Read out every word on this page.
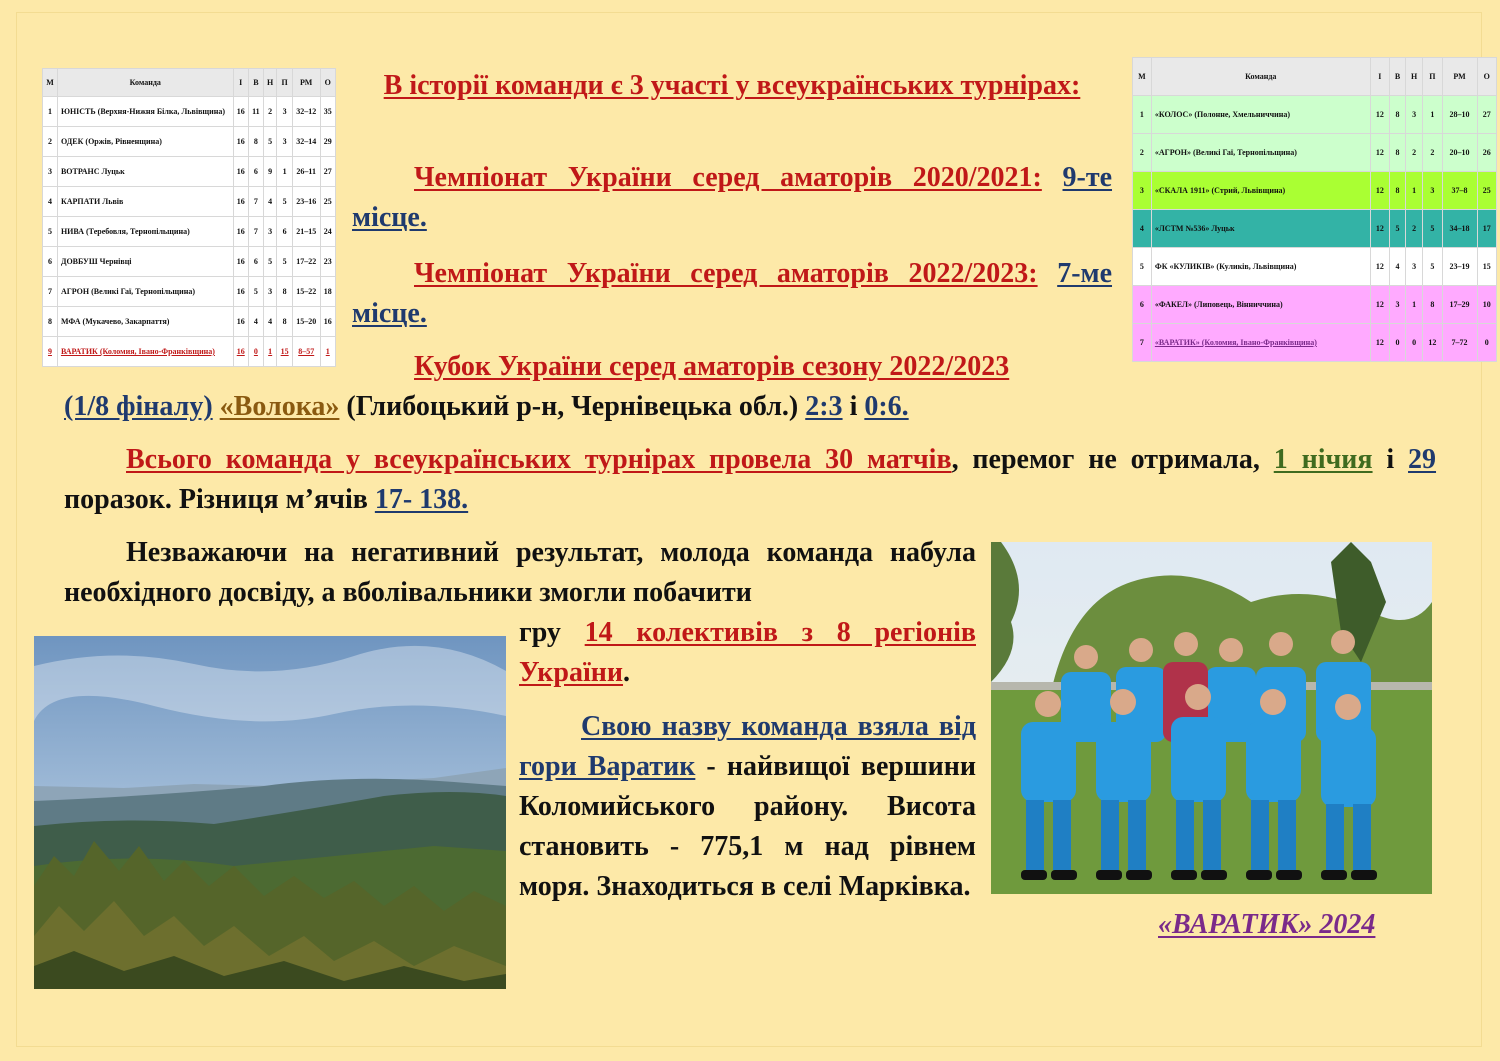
М	Команда	І	В	Н	П	РМ	О
1	ЮНІСТЬ (Верхня-Нижня Білка, Львівщина)	16	11	2	3	32–12	35
2	ОДЕК (Оржів, Рівненщина)	16	8	5	3	32–14	29
3	ВОТРАНС Луцьк	16	6	9	1	26–11	27
4	КАРПАТИ Львів	16	7	4	5	23–16	25
5	НИВА (Теребовля, Тернопільщина)	16	7	3	6	21–15	24
6	ДОВБУШ Чернівці	16	6	5	5	17–22	23
7	АГРОН (Великі Гаї, Тернопільщина)	16	5	3	8	15–22	18
8	МФА (Мукачево, Закарпаття)	16	4	4	8	15–20	16
9	ВАРАТИК (Коломия, Івано-Франківщина)	16	0	1	15	8–57	1
М	Команда	І	В	Н	П	РМ	О
1	«КОЛОС» (Полонне, Хмельниччина)	12	8	3	1	28–10	27
2	«АГРОН» (Великі Гаї, Тернопільщина)	12	8	2	2	20–10	26
3	«СКАЛА 1911» (Стрий, Львівщина)	12	8	1	3	37–8	25
4	«ЛСТМ №536» Луцьк	12	5	2	5	34–18	17
5	ФК «КУЛИКІВ» (Куликів, Львівщина)	12	4	3	5	23–19	15
6	«ФАКЕЛ» (Липовець, Вінниччина)	12	3	1	8	17–29	10
7	«ВАРАТИК» (Коломия, Івано-Франківщина)	12	0	0	12	7–72	0
В історії команди є 3 участі у всеукраїнських турнірах:
Чемпіонат України серед аматорів 2020/2021: 9-те місце.
Чемпіонат України серед аматорів 2022/2023: 7-ме місце.
Кубок України серед аматорів сезону 2022/2023
(1/8 фіналу) «Волока» (Глибоцький р-н, Чернівецька обл.) 2:3 і 0:6.
Всього команда у всеукраїнських турнірах провела 30 матчів, перемог не отримала, 1 нічия і 29 поразок. Різниця м’ячів 17- 138.
Незважаючи на негативний результат, молода команда набула необхідного досвіду, а вболівальники змогли побачити
гру 14 колективів з 8 регіонів України.
Свою назву команда взяла від гори Варатик - найвищої вершини Коломийського району. Висота становить - 775,1 м над рівнем моря. Знаходиться в селі Марківка.
«ВАРАТИК» 2024
